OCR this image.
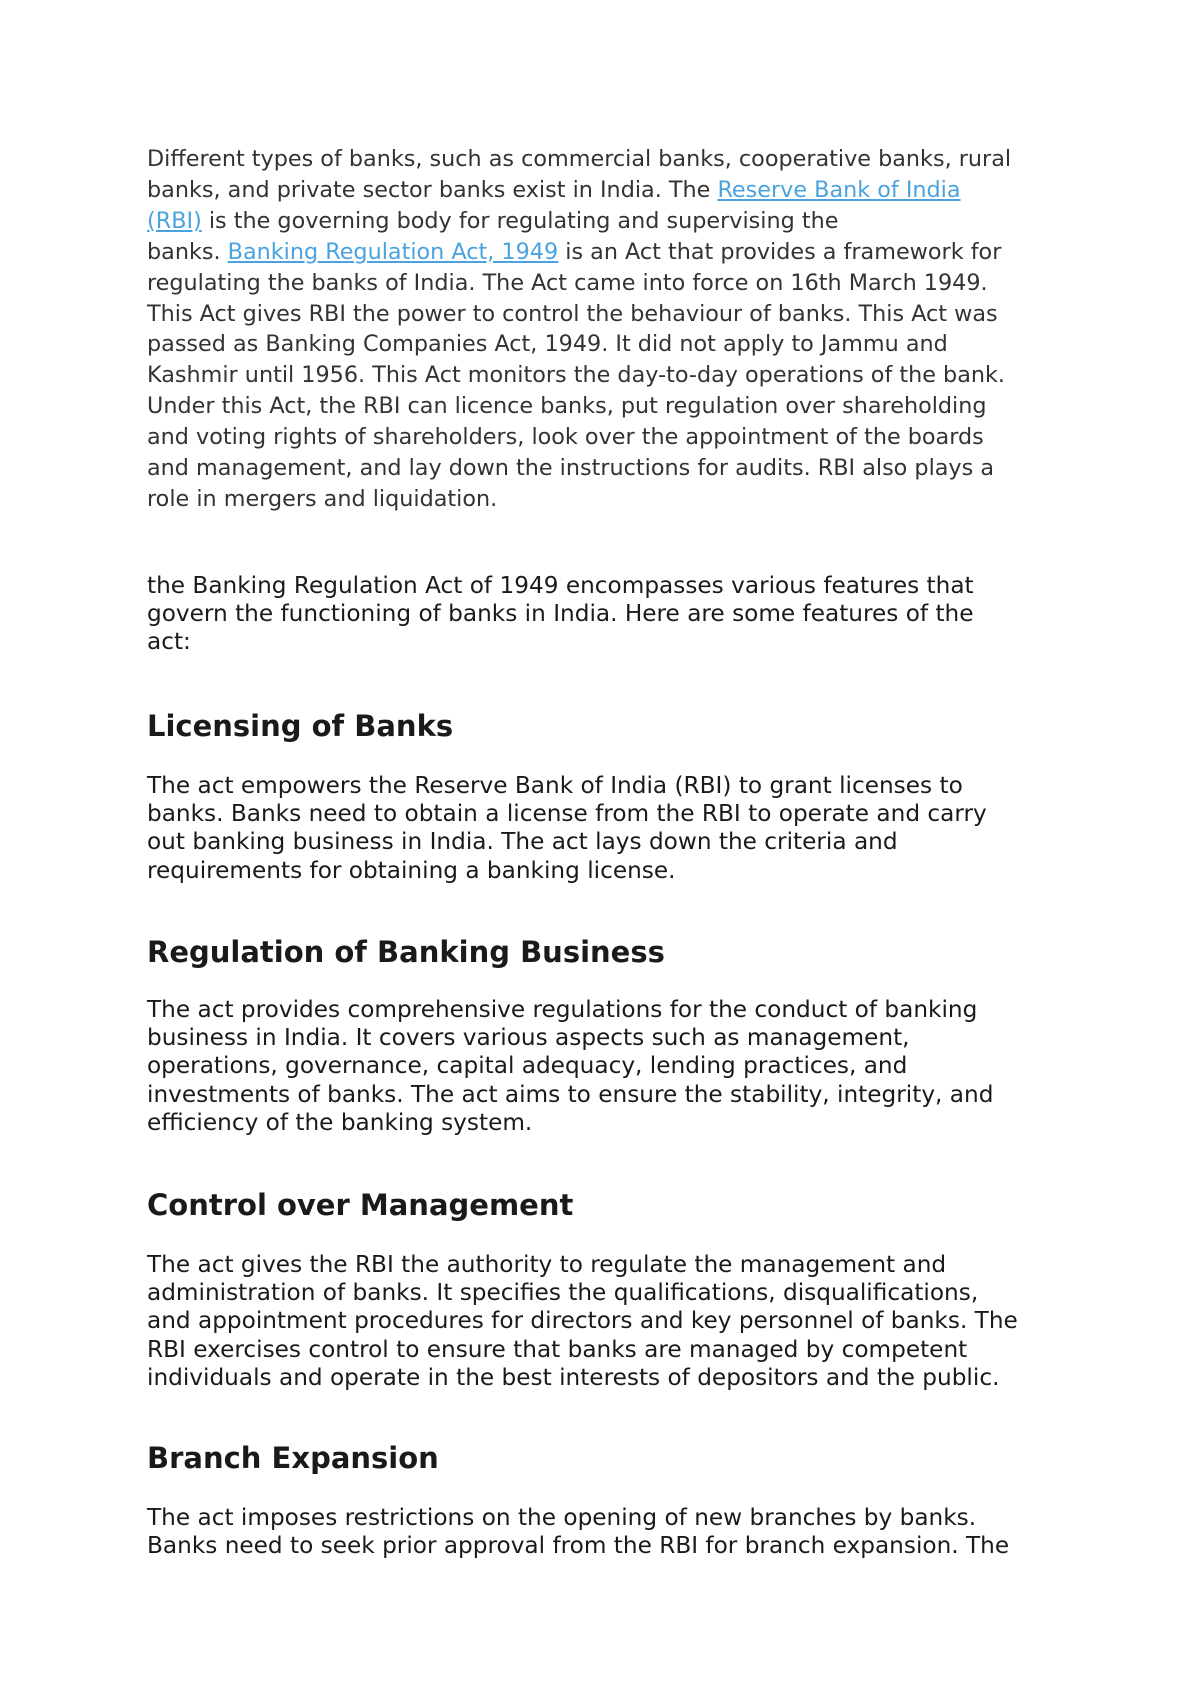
Different types of banks, such as commercial banks, cooperative banks, rural
banks, and private sector banks exist in India. The Reserve Bank of India
(RBI) is the governing body for regulating and supervising the
banks. Banking Regulation Act, 1949 is an Act that provides a framework for
regulating the banks of India. The Act came into force on 16th March 1949.
This Act gives RBI the power to control the behaviour of banks. This Act was
passed as Banking Companies Act, 1949. It did not apply to Jammu and
Kashmir until 1956. This Act monitors the day-to-day operations of the bank.
Under this Act, the RBI can licence banks, put regulation over shareholding
and voting rights of shareholders, look over the appointment of the boards
and management, and lay down the instructions for audits. RBI also plays a
role in mergers and liquidation.

the Banking Regulation Act of 1949 encompasses various features that
govern the functioning of banks in India. Here are some features of the
act:

Licensing of Banks

The act empowers the Reserve Bank of India (RBI) to grant licenses to
banks. Banks need to obtain a license from the RBI to operate and carry
out banking business in India. The act lays down the criteria and
requirements for obtaining a banking license.

Regulation of Banking Business

The act provides comprehensive regulations for the conduct of banking
business in India. It covers various aspects such as management,
operations, governance, capital adequacy, lending practices, and
investments of banks. The act aims to ensure the stability, integrity, and
efficiency of the banking system.

Control over Management

The act gives the RBI the authority to regulate the management and
administration of banks. It specifies the qualifications, disqualifications,
and appointment procedures for directors and key personnel of banks. The
RBI exercises control to ensure that banks are managed by competent
individuals and operate in the best interests of depositors and the public.

Branch Expansion

The act imposes restrictions on the opening of new branches by banks.
Banks need to seek prior approval from the RBI for branch expansion. The
